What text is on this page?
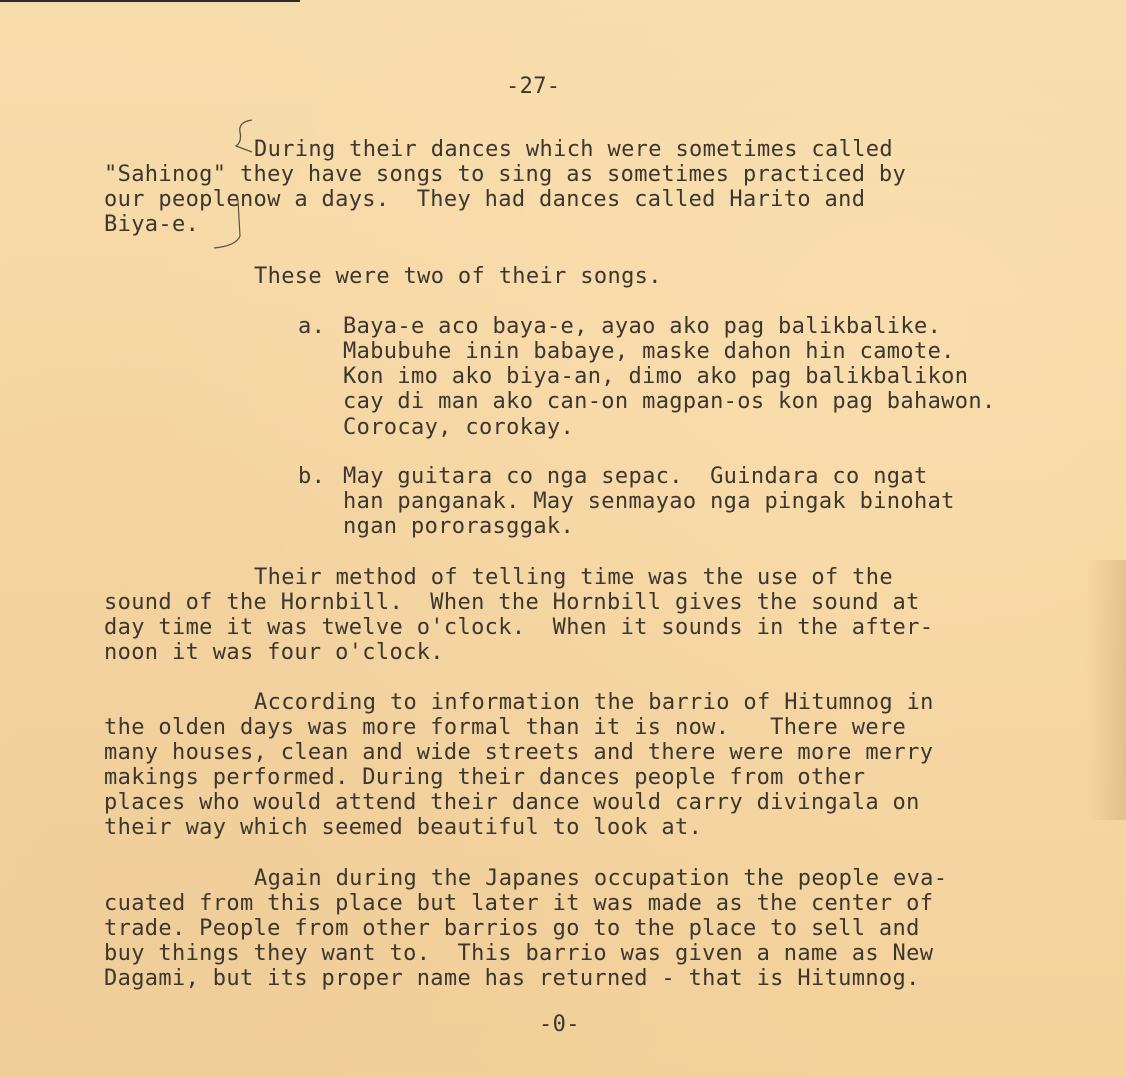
-27-
During their dances which were sometimes called
"Sahinog" they have songs to sing as sometimes practiced by
our peoplenow a days.  They had dances called Harito and
Biya-e.
These were two of their songs.
a. Baya-e aco baya-e, ayao ako pag balikbalike.
Mabubuhe inin babaye, maske dahon hin camote.
Kon imo ako biya-an, dimo ako pag balikbalikon
cay di man ako can-on magpan-os kon pag bahawon.
Corocay, corokay.
b. May guitara co nga sepac.  Guindara co ngat
han panganak. May senmayao nga pingak binohat
ngan pororasggak.
Their method of telling time was the use of the
sound of the Hornbill.  When the Hornbill gives the sound at
day time it was twelve o'clock.  When it sounds in the after-
noon it was four o'clock.
According to information the barrio of Hitumnog in
the olden days was more formal than it is now.   There were
many houses, clean and wide streets and there were more merry
makings performed. During their dances people from other
places who would attend their dance would carry divingala on
their way which seemed beautiful to look at.
Again during the Japanes occupation the people eva-
cuated from this place but later it was made as the center of
trade. People from other barrios go to the place to sell and
buy things they want to.  This barrio was given a name as New
Dagami, but its proper name has returned - that is Hitumnog.
-0-
